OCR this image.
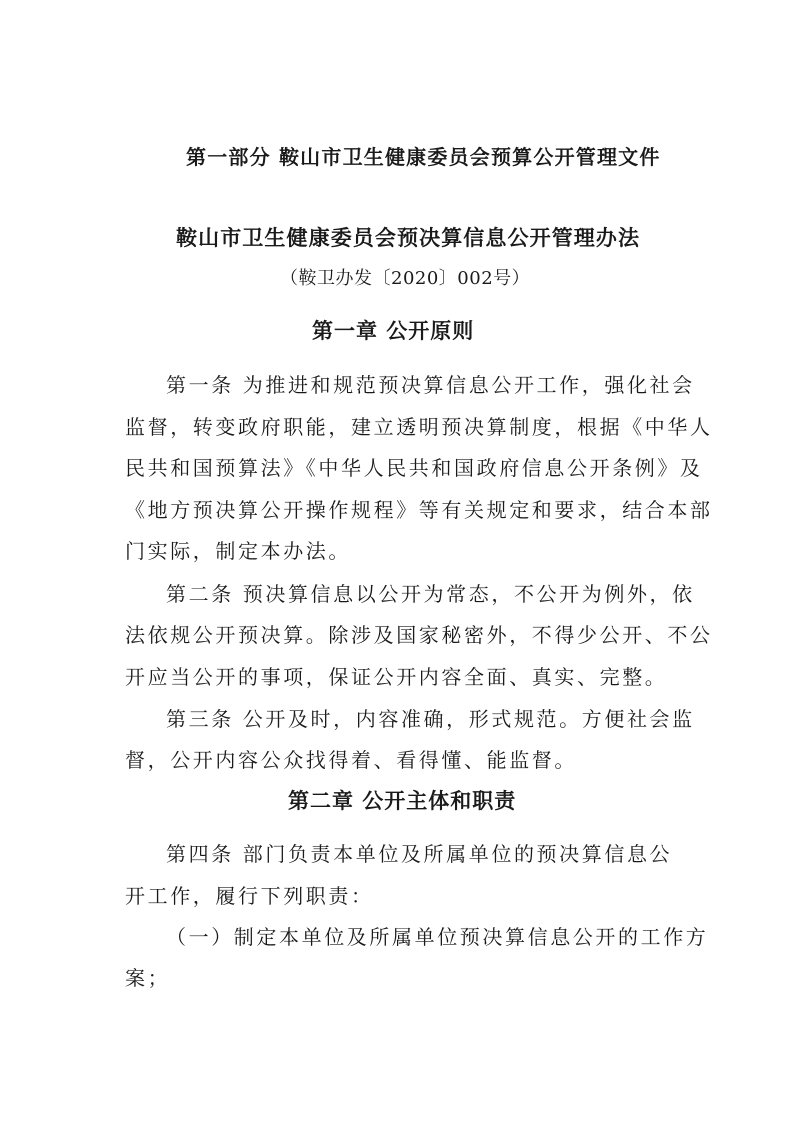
第一部分 鞍山市卫生健康委员会预算公开管理文件
鞍山市卫生健康委员会预决算信息公开管理办法

（鞍卫办发〔2020〕002号）

第一章 公开原则

第一条 为推进和规范预决算信息公开工作，强化社会

监督，转变政府职能，建立透明预决算制度，根据《中华人

民共和国预算法》《中华人民共和国政府信息公开条例》及

《地方预决算公开操作规程》等有关规定和要求，结合本部

门实际，制定本办法。

第二条 预决算信息以公开为常态，不公开为例外，依

法依规公开预决算。除涉及国家秘密外，不得少公开、不公

开应当公开的事项，保证公开内容全面、真实、完整。

第三条 公开及时，内容准确，形式规范。方便社会监

督，公开内容公众找得着、看得懂、能监督。

第二章 公开主体和职责

第四条 部门负责本单位及所属单位的预决算信息公

开工作，履行下列职责：

（一）制定本单位及所属单位预决算信息公开的工作方

案；
